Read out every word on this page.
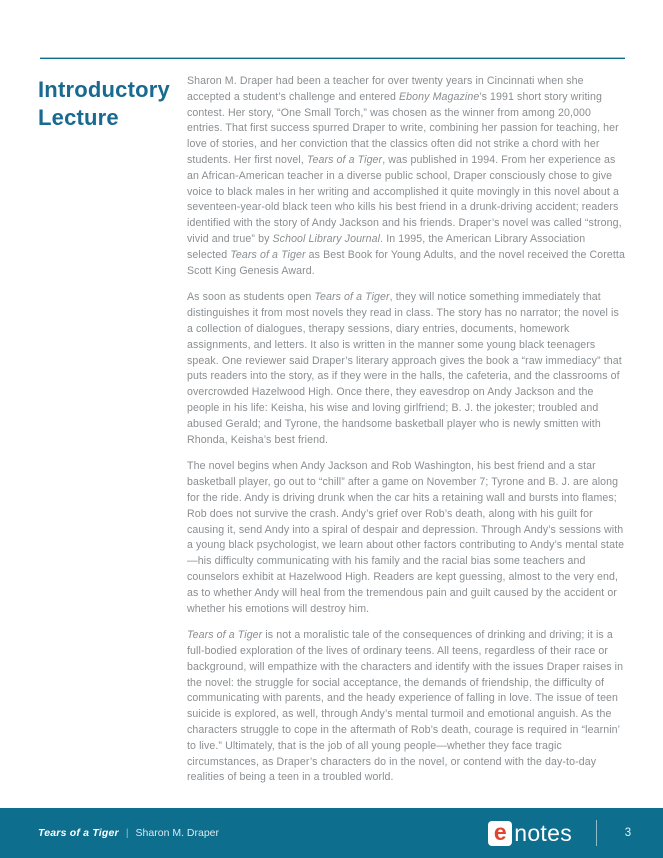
Introductory Lecture

Sharon M. Draper had been a teacher for over twenty years in Cincinnati when she accepted a student’s challenge and entered Ebony Magazine’s 1991 short story writing contest. Her story, “One Small Torch,” was chosen as the winner from among 20,000 entries. That first success spurred Draper to write, combining her passion for teaching, her love of stories, and her conviction that the classics often did not strike a chord with her students. Her first novel, Tears of a Tiger, was published in 1994. From her experience as an African-American teacher in a diverse public school, Draper consciously chose to give voice to black males in her writing and accomplished it quite movingly in this novel about a seventeen-year-old black teen who kills his best friend in a drunk-driving accident; readers identified with the story of Andy Jackson and his friends. Draper’s novel was called “strong, vivid and true” by School Library Journal. In 1995, the American Library Association selected Tears of a Tiger as Best Book for Young Adults, and the novel received the Coretta Scott King Genesis Award.

As soon as students open Tears of a Tiger, they will notice something immediately that distinguishes it from most novels they read in class. The story has no narrator; the novel is a collection of dialogues, therapy sessions, diary entries, documents, homework assignments, and letters. It also is written in the manner some young black teenagers speak. One reviewer said Draper’s literary approach gives the book a “raw immediacy” that puts readers into the story, as if they were in the halls, the cafeteria, and the classrooms of overcrowded Hazelwood High. Once there, they eavesdrop on Andy Jackson and the people in his life: Keisha, his wise and loving girlfriend; B. J. the jokester; troubled and abused Gerald; and Tyrone, the handsome basketball player who is newly smitten with Rhonda, Keisha’s best friend.

The novel begins when Andy Jackson and Rob Washington, his best friend and a star basketball player, go out to “chill” after a game on November 7; Tyrone and B. J. are along for the ride. Andy is driving drunk when the car hits a retaining wall and bursts into flames; Rob does not survive the crash. Andy’s grief over Rob’s death, along with his guilt for causing it, send Andy into a spiral of despair and depression. Through Andy’s sessions with a young black psychologist, we learn about other factors contributing to Andy’s mental state—his difficulty communicating with his family and the racial bias some teachers and counselors exhibit at Hazelwood High. Readers are kept guessing, almost to the very end, as to whether Andy will heal from the tremendous pain and guilt caused by the accident or whether his emotions will destroy him.

Tears of a Tiger is not a moralistic tale of the consequences of drinking and driving; it is a full-bodied exploration of the lives of ordinary teens. All teens, regardless of their race or background, will empathize with the characters and identify with the issues Draper raises in the novel: the struggle for social acceptance, the demands of friendship, the difficulty of communicating with parents, and the heady experience of falling in love. The issue of teen suicide is explored, as well, through Andy’s mental turmoil and emotional anguish. As the characters struggle to cope in the aftermath of Rob’s death, courage is required in “learnin’ to live.” Ultimately, that is the job of all young people—whether they face tragic circumstances, as Draper’s characters do in the novel, or contend with the day-to-day realities of being a teen in a troubled world.

Tears of a Tiger | Sharon M. Draper	e notes	3
